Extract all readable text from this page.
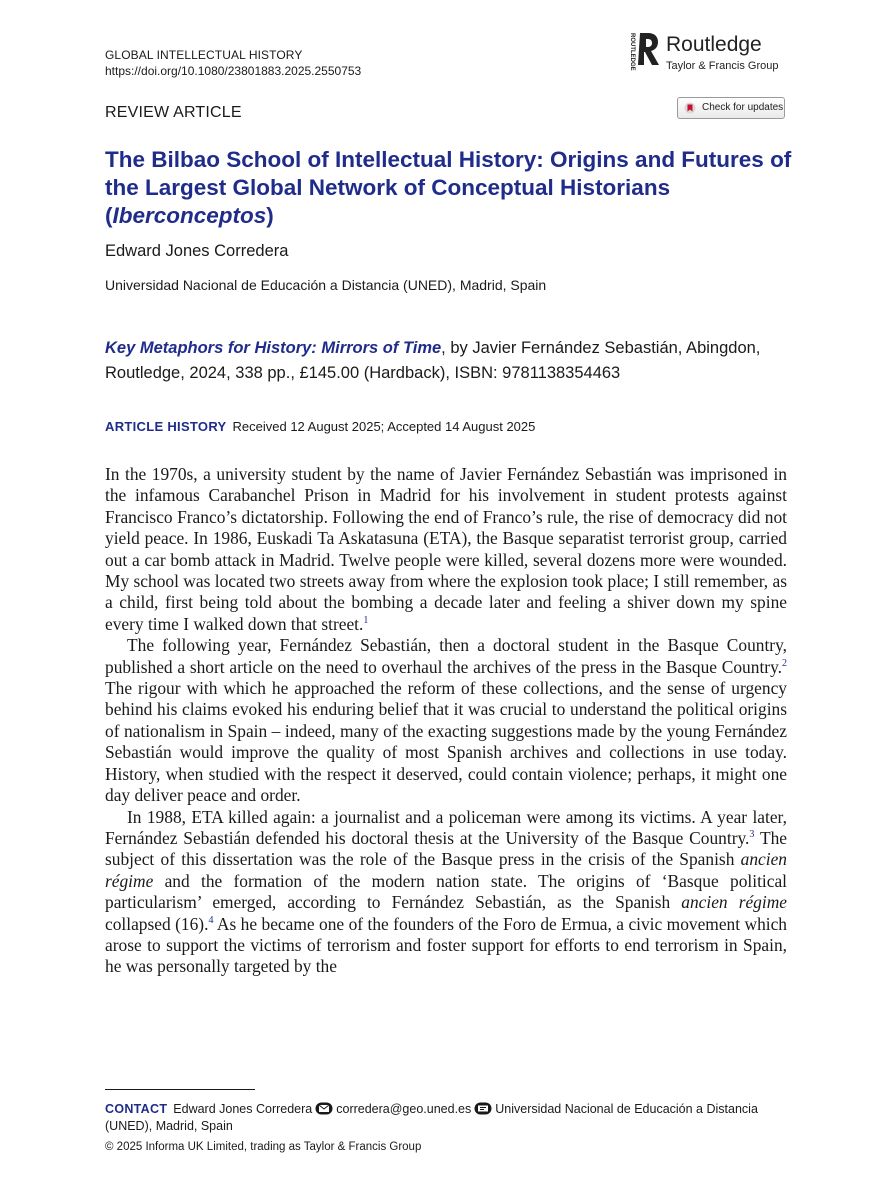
GLOBAL INTELLECTUAL HISTORY
https://doi.org/10.1080/23801883.2025.2550753
REVIEW ARTICLE
ROUTLEDGE Routledge
Taylor & Francis Group
Check for updates
The Bilbao School of Intellectual History: Origins and Futures of the Largest Global Network of Conceptual Historians (Iberconceptos)
Edward Jones Corredera
Universidad Nacional de Educación a Distancia (UNED), Madrid, Spain
Key Metaphors for History: Mirrors of Time, by Javier Fernández Sebastián, Abingdon, Routledge, 2024, 338 pp., £145.00 (Hardback), ISBN: 9781138354463
ARTICLE HISTORY Received 12 August 2025; Accepted 14 August 2025

In the 1970s, a university student by the name of Javier Fernández Sebastián was imprisoned in the infamous Carabanchel Prison in Madrid for his involvement in student protests against Francisco Franco’s dictatorship. Following the end of Franco’s rule, the rise of democracy did not yield peace. In 1986, Euskadi Ta Askatasuna (ETA), the Basque separatist terrorist group, carried out a car bomb attack in Madrid. Twelve people were killed, several dozens more were wounded. My school was located two streets away from where the explosion took place; I still remember, as a child, first being told about the bombing a decade later and feeling a shiver down my spine every time I walked down that street.$^1$

The following year, Fernández Sebastián, then a doctoral student in the Basque Country, published a short article on the need to overhaul the archives of the press in the Basque Country.$^2$ The rigour with which he approached the reform of these collections, and the sense of urgency behind his claims evoked his enduring belief that it was crucial to understand the political origins of nationalism in Spain – indeed, many of the exacting suggestions made by the young Fernández Sebastián would improve the quality of most Spanish archives and collections in use today. History, when studied with the respect it deserved, could contain violence; perhaps, it might one day deliver peace and order.

In 1988, ETA killed again: a journalist and a policeman were among its victims. A year later, Fernández Sebastián defended his doctoral thesis at the University of the Basque Country.$^3$ The subject of this dissertation was the role of the Basque press in the crisis of the Spanish ancien régime and the formation of the modern nation state. The origins of ‘Basque political particularism’ emerged, according to Fernández Sebastián, as the Spanish ancien régime collapsed (16).$^4$ As he became one of the founders of the Foro de Ermua, a civic movement which arose to support the victims of terrorism and foster support for efforts to end terrorism in Spain, he was personally targeted by the

CONTACT Edward Jones Corredera corredera@geo.uned.es Universidad Nacional de Educación a Distancia (UNED), Madrid, Spain
© 2025 Informa UK Limited, trading as Taylor & Francis Group
